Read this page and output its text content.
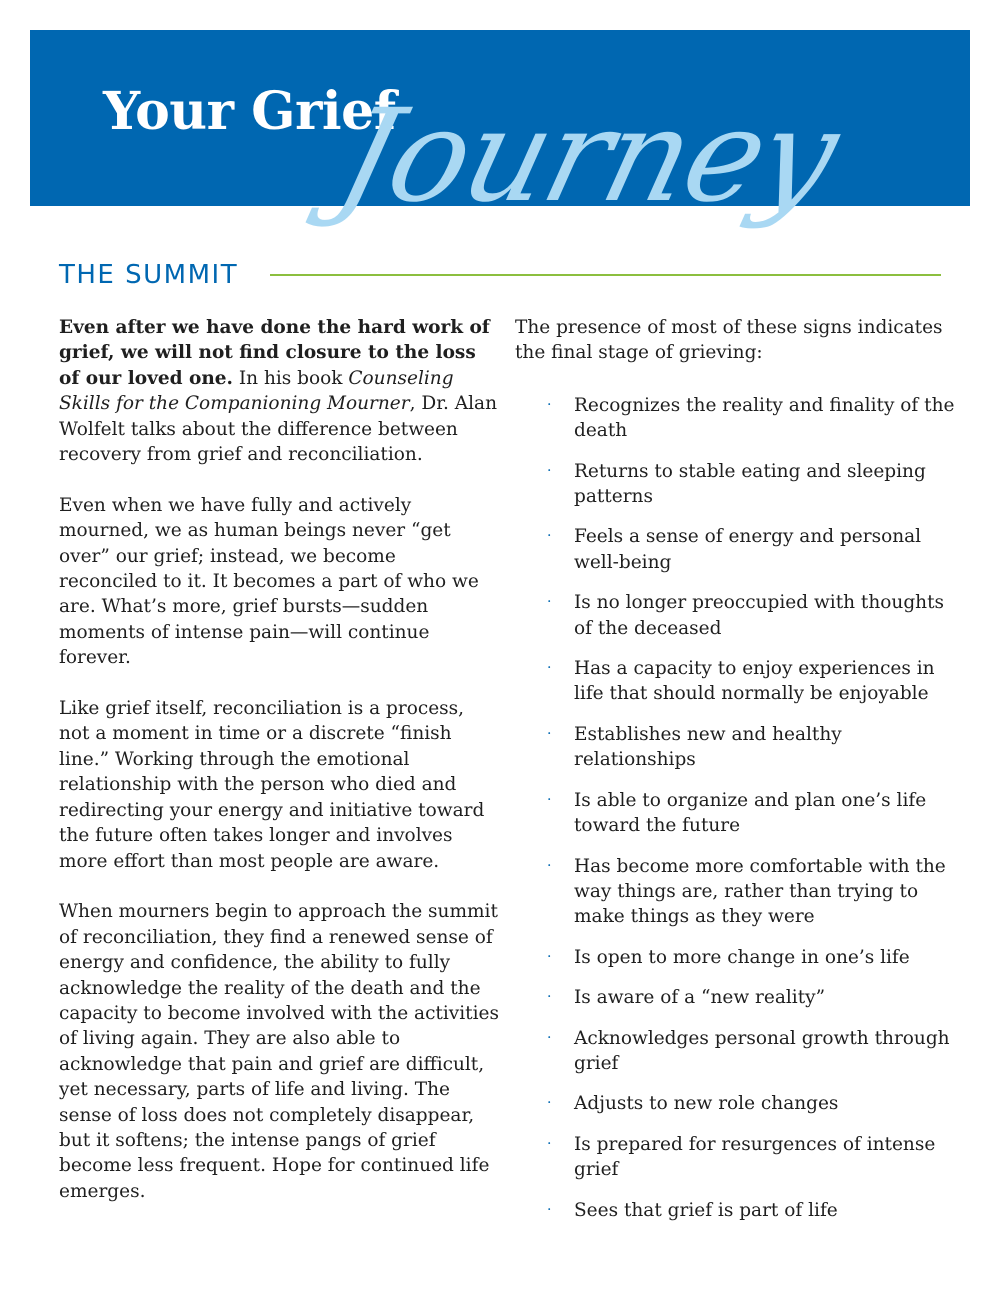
Your Grief
Journey
THE SUMMIT

Even after we have done the hard work of grief, we will not find closure to the loss of our loved one. In his book Counseling Skills for the Companioning Mourner, Dr. Alan Wolfelt talks about the difference between recovery from grief and reconciliation.

Even when we have fully and actively mourned, we as human beings never “get over” our grief; instead, we become reconciled to it. It becomes a part of who we are. What’s more, grief bursts—sudden moments of intense pain—will continue forever.

Like grief itself, reconciliation is a process, not a moment in time or a discrete “finish line.” Working through the emotional relationship with the person who died and redirecting your energy and initiative toward the future often takes longer and involves more effort than most people are aware.

When mourners begin to approach the summit of reconciliation, they find a renewed sense of energy and confidence, the ability to fully acknowledge the reality of the death and the capacity to become involved with the activities of living again. They are also able to acknowledge that pain and grief are difficult, yet necessary, parts of life and living. The sense of loss does not completely disappear, but it softens; the intense pangs of grief become less frequent. Hope for continued life emerges.

The presence of most of these signs indicates the final stage of grieving:

· Recognizes the reality and finality of the death
· Returns to stable eating and sleeping patterns
· Feels a sense of energy and personal well-being
· Is no longer preoccupied with thoughts of the deceased
· Has a capacity to enjoy experiences in life that should normally be enjoyable
· Establishes new and healthy relationships
· Is able to organize and plan one’s life toward the future
· Has become more comfortable with the way things are, rather than trying to make things as they were
· Is open to more change in one’s life
· Is aware of a “new reality”
· Acknowledges personal growth through grief
· Adjusts to new role changes
· Is prepared for resurgences of intense grief
· Sees that grief is part of life
